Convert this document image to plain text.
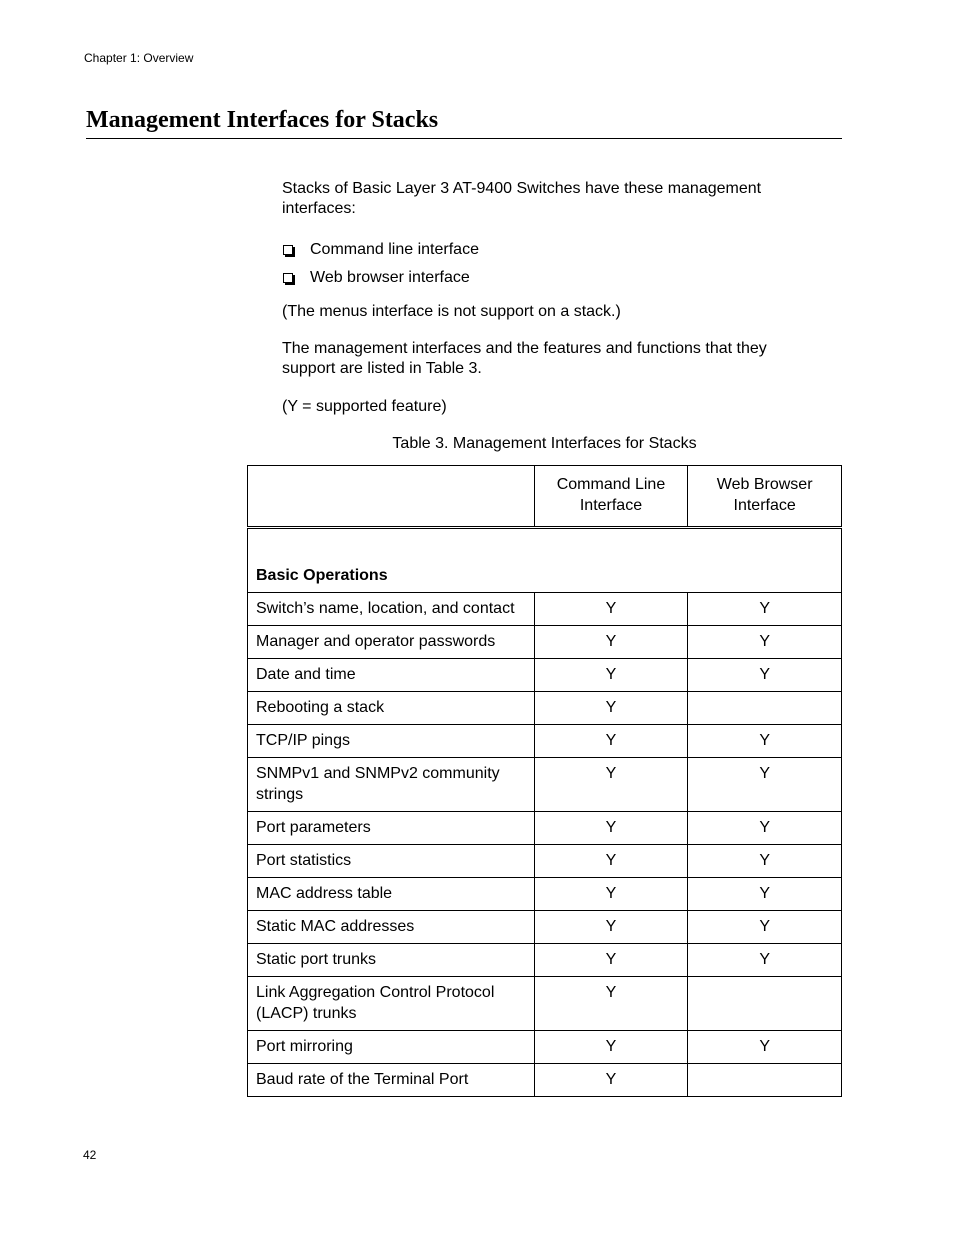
Chapter 1: Overview
Management Interfaces for Stacks

Stacks of Basic Layer 3 AT-9400 Switches have these management interfaces:

Command line interface
Web browser interface

(The menus interface is not support on a stack.)

The management interfaces and the features and functions that they support are listed in Table 3.

(Y = supported feature)

Table 3. Management Interfaces for Stacks

	Command Line Interface	Web Browser Interface
Basic Operations		
Switch’s name, location, and contact	Y	Y
Manager and operator passwords	Y	Y
Date and time	Y	Y
Rebooting a stack	Y	
TCP/IP pings	Y	Y
SNMPv1 and SNMPv2 community strings	Y	Y
Port parameters	Y	Y
Port statistics	Y	Y
MAC address table	Y	Y
Static MAC addresses	Y	Y
Static port trunks	Y	Y
Link Aggregation Control Protocol (LACP) trunks	Y	
Port mirroring	Y	Y
Baud rate of the Terminal Port	Y	
42
